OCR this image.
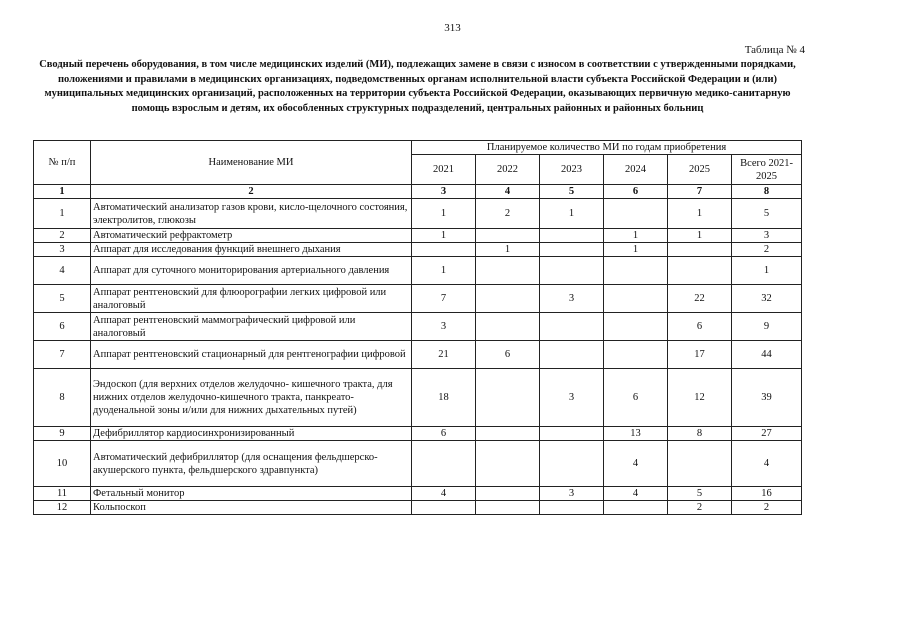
313
Таблица № 4
Сводный перечень оборудования, в том числе медицинских изделий (МИ), подлежащих замене в связи с износом в соответствии с утвержденными порядками, положениями и правилами в медицинских организациях, подведомственных органам исполнительной власти субъекта Российской Федерации и (или) муниципальных медицинских организаций, расположенных на территории субъекта Российской Федерации, оказывающих первичную медико-санитарную помощь взрослым и детям, их обособленных структурных подразделений, центральных районных и районных больниц
№ п/п	Наименование МИ	Планируемое количество МИ по годам приобретения					
		2021	2022	2023	2024	2025	Всего 2021-2025
1	2	3	4	5	6	7	8
1	Автоматический анализатор газов крови, кисло-щелочного состояния, электролитов, глюкозы	1	2	1		1	5
2	Автоматический рефрактометр	1			1	1	3
3	Аппарат для исследования функций внешнего дыхания		1		1		2
4	Аппарат для суточного мониторирования артериального давления	1					1
5	Аппарат рентгеновский для флюорографии легких цифровой или аналоговый	7		3		22	32
6	Аппарат рентгеновский маммографический цифровой или аналоговый	3				6	9
7	Аппарат рентгеновский стационарный для рентгенографии цифровой	21	6			17	44
8	Эндоскоп (для верхних отделов желудочно- кишечного тракта, для нижних отделов желудочно-кишечного тракта, панкреато-дуоденальной зоны и/или для нижних дыхательных путей)	18		3	6	12	39
9	Дефибриллятор кардиосинхронизированный	6			13	8	27
10	Автоматический дефибриллятор (для оснащения фельдшерско-акушерского пункта, фельдшерского здравпункта)				4		4
11	Фетальный монитор	4		3	4	5	16
12	Кольпоскоп					2	2
